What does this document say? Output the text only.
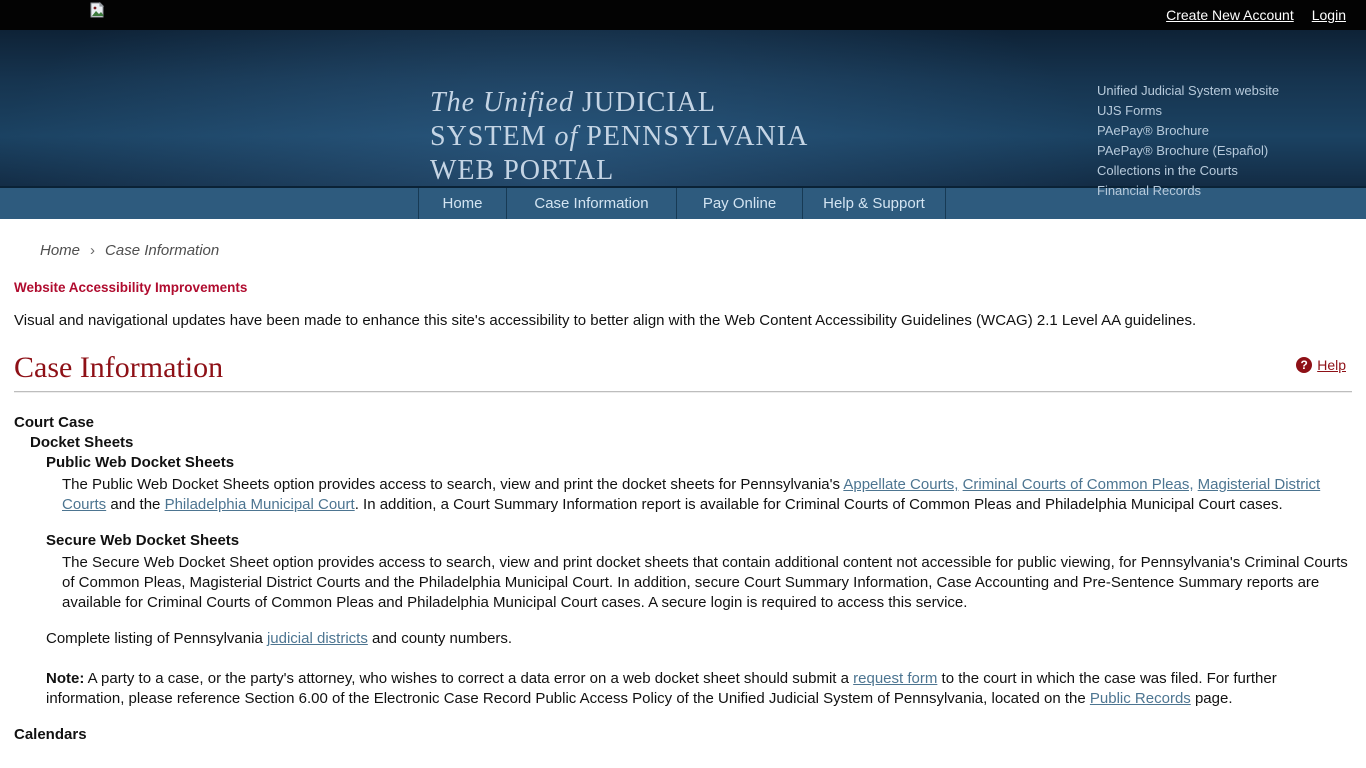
Create New Account Login
The Unified JUDICIAL
SYSTEM of PENNSYLVANIA
WEB PORTAL
Unified Judicial System website
UJS Forms
PAePay® Brochure
PAePay® Brochure (Español)
Collections in the Courts
Financial Records
Home	Case Information	Pay Online	Help & Support
Home › Case Information
Website Accessibility Improvements
Visual and navigational updates have been made to enhance this site's accessibility to better align with the Web Content Accessibility Guidelines (WCAG) 2.1 Level AA guidelines.
Case Information	? Help
Court Case
Docket Sheets
Public Web Docket Sheets

The Public Web Docket Sheets option provides access to search, view and print the docket sheets for Pennsylvania's Appellate Courts, Criminal Courts of Common Pleas, Magisterial District Courts and the Philadelphia Municipal Court. In addition, a Court Summary Information report is available for Criminal Courts of Common Pleas and Philadelphia Municipal Court cases.

Secure Web Docket Sheets

The Secure Web Docket Sheet option provides access to search, view and print docket sheets that contain additional content not accessible for public viewing, for Pennsylvania's Criminal Courts of Common Pleas, Magisterial District Courts and the Philadelphia Municipal Court. In addition, secure Court Summary Information, Case Accounting and Pre-Sentence Summary reports are available for Criminal Courts of Common Pleas and Philadelphia Municipal Court cases. A secure login is required to access this service.

Complete listing of Pennsylvania judicial districts and county numbers.

Note: A party to a case, or the party's attorney, who wishes to correct a data error on a web docket sheet should submit a request form to the court in which the case was filed. For further information, please reference Section 6.00 of the Electronic Case Record Public Access Policy of the Unified Judicial System of Pennsylvania, located on the Public Records page.

Calendars
